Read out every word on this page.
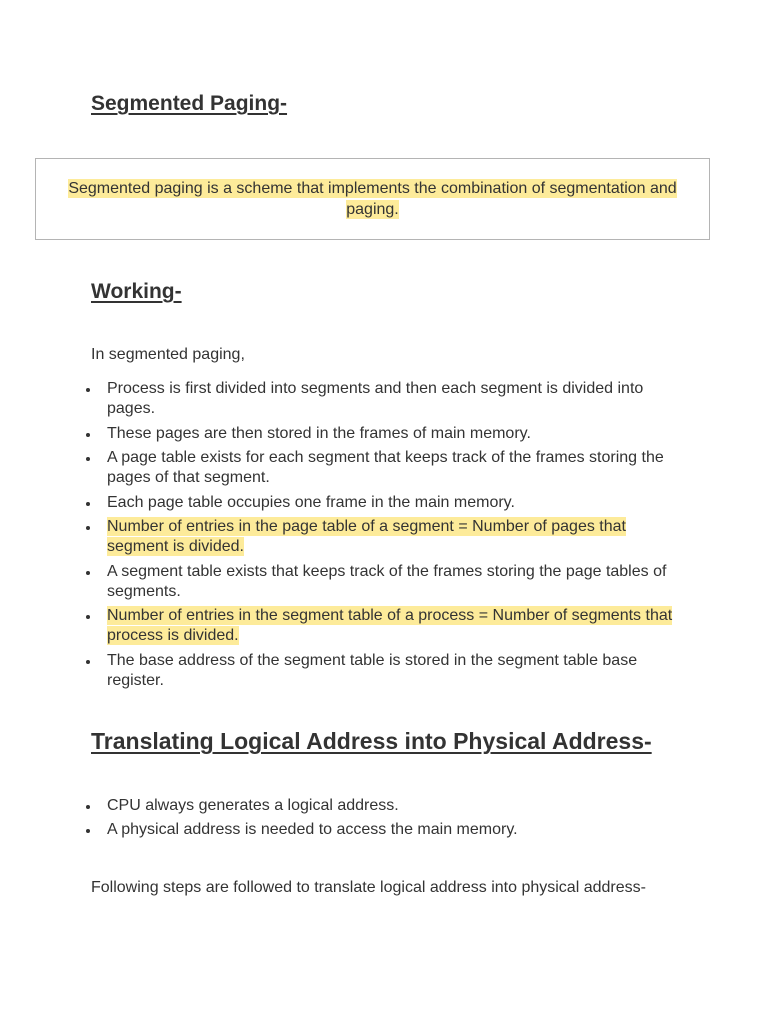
Segmented Paging-
Segmented paging is a scheme that implements the combination of segmentation and paging.
Working-

In segmented paging,

Process is first divided into segments and then each segment is divided into pages.
These pages are then stored in the frames of main memory.
A page table exists for each segment that keeps track of the frames storing the pages of that segment.
Each page table occupies one frame in the main memory.
Number of entries in the page table of a segment = Number of pages that segment is divided.
A segment table exists that keeps track of the frames storing the page tables of segments.
Number of entries in the segment table of a process = Number of segments that process is divided.
The base address of the segment table is stored in the segment table base register.
Translating Logical Address into Physical Address-
CPU always generates a logical address.
A physical address is needed to access the main memory.

Following steps are followed to translate logical address into physical address-
